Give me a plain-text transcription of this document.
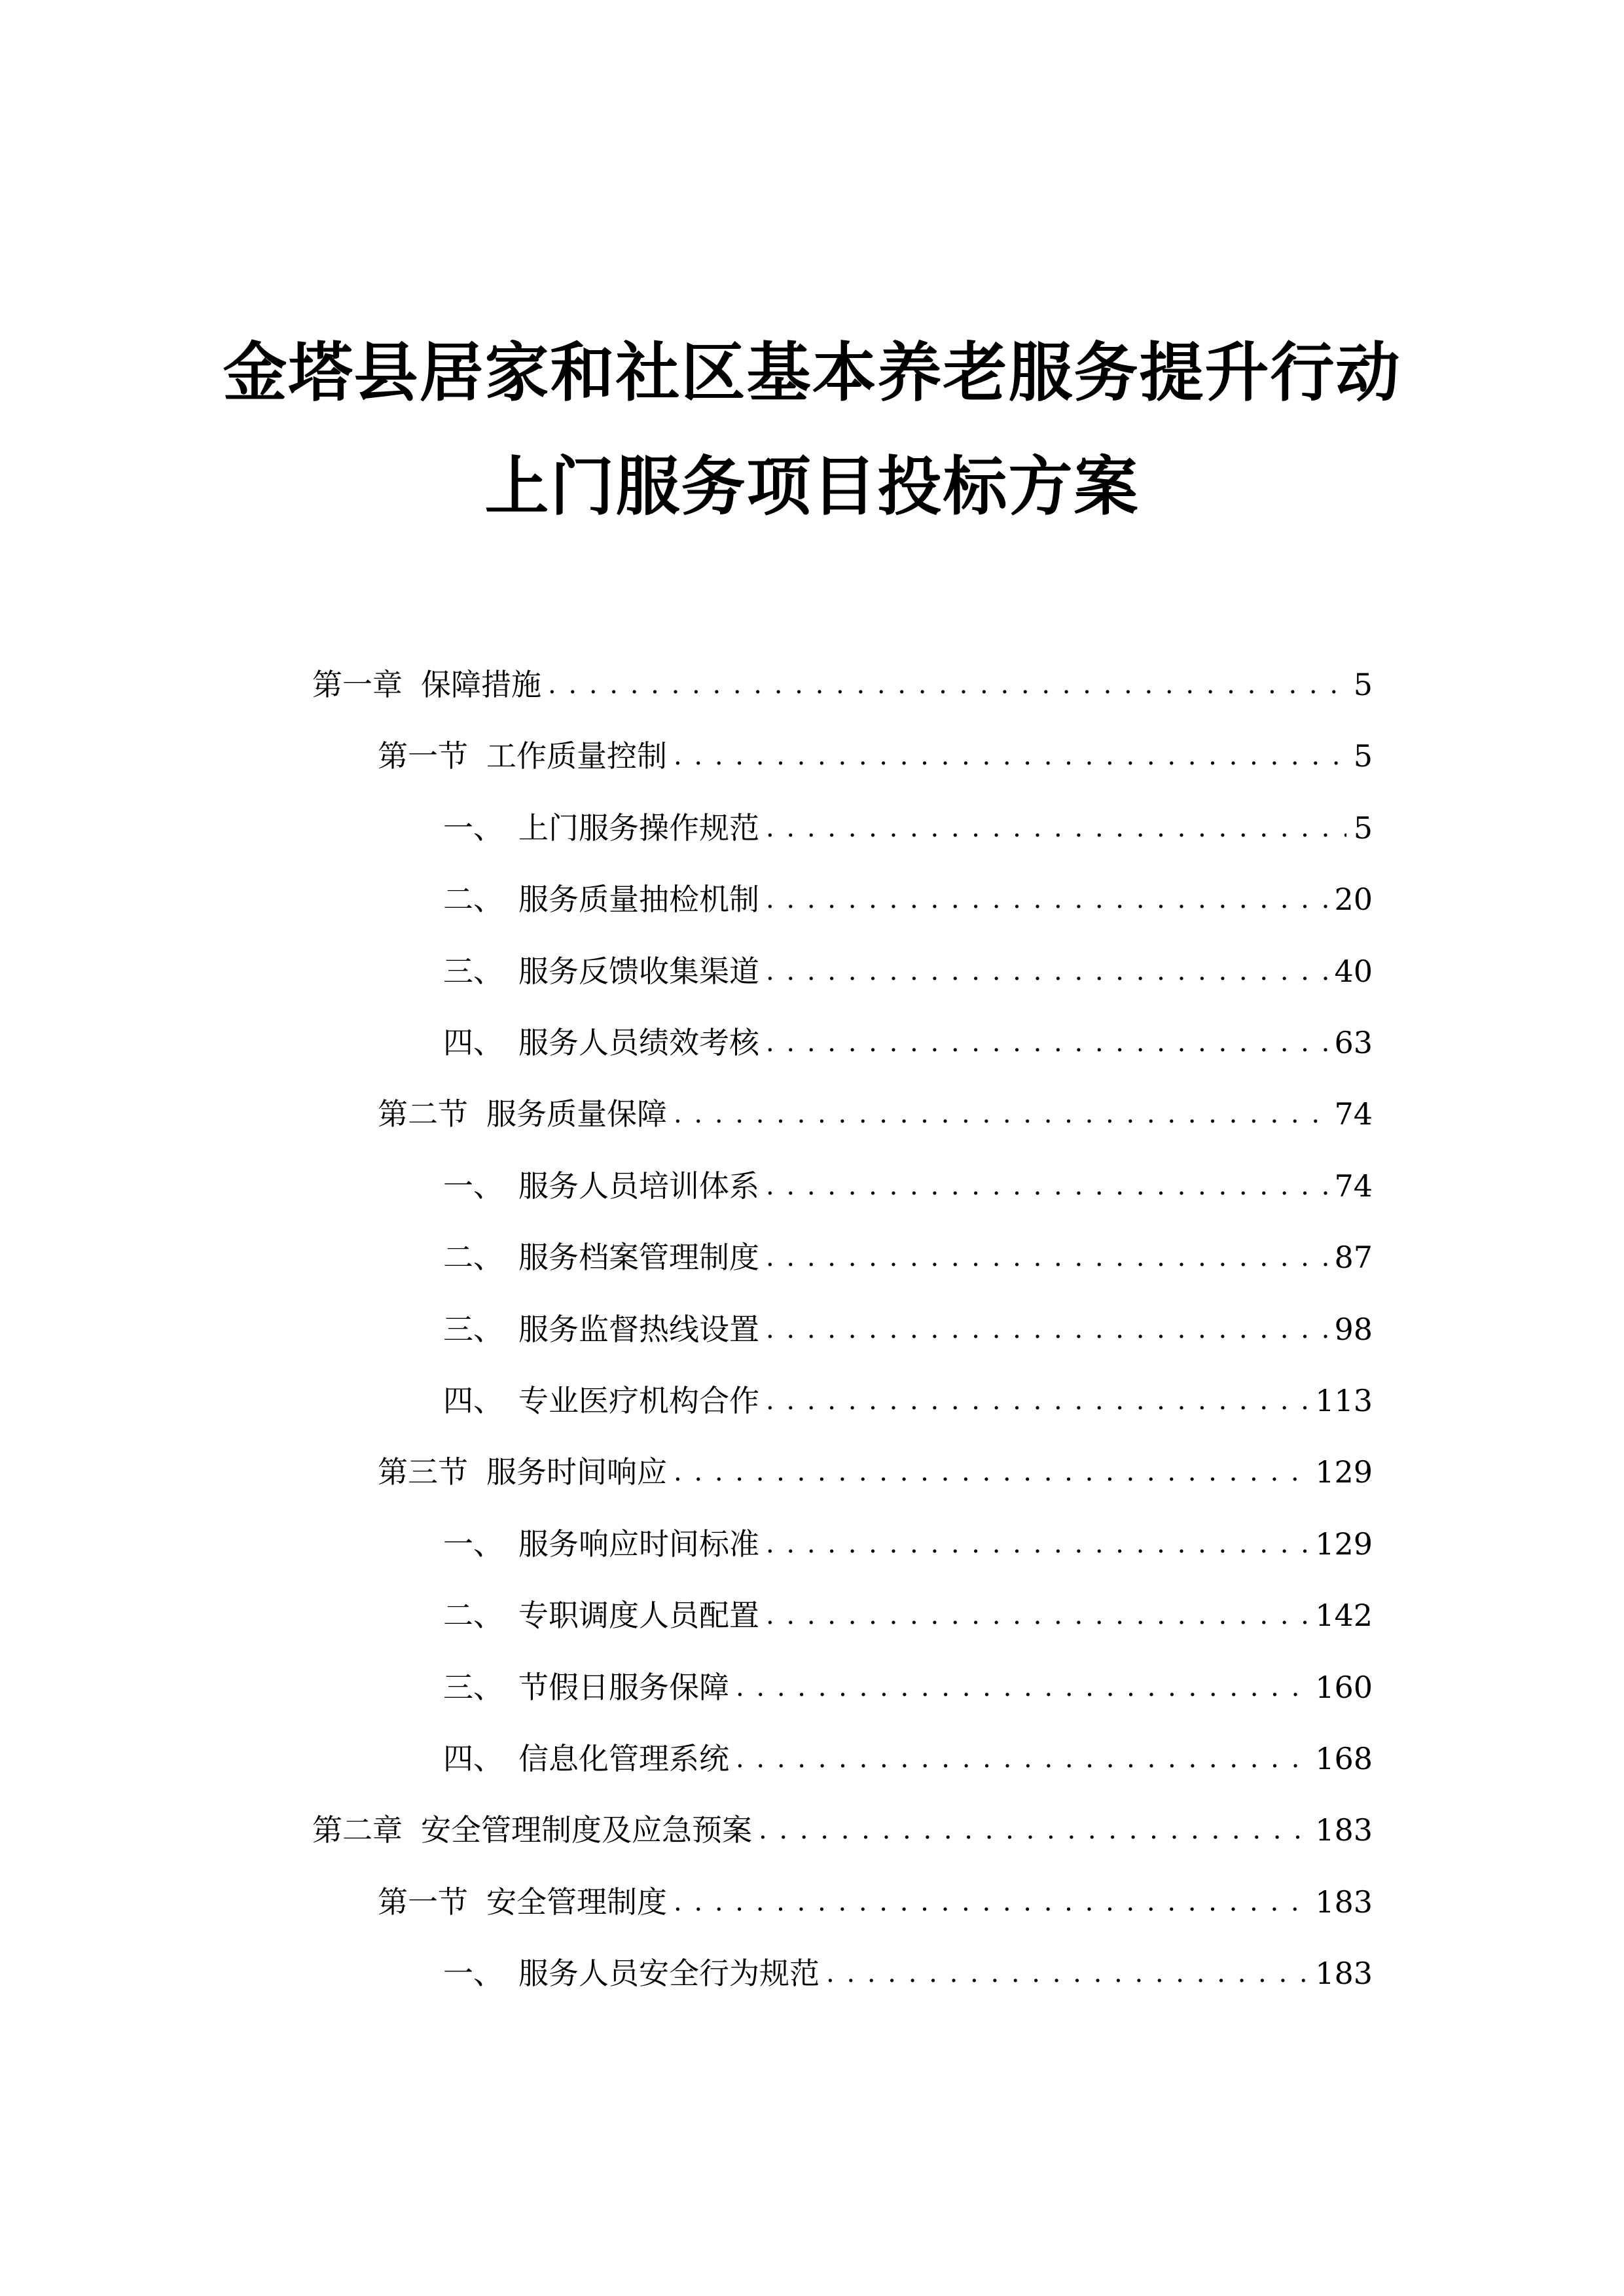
金塔县居家和社区基本养老服务提升行动
上门服务项目投标方案
第一章 保障措施 . . .	5
第一节 工作质量控制 . . .	5
一、 上门服务操作规范 . . .	5
二、 服务质量抽检机制 . . .	20
三、 服务反馈收集渠道 . . .	40
四、 服务人员绩效考核 . . .	63
第二节 服务质量保障 . . .	74
一、 服务人员培训体系 . . .	74
二、 服务档案管理制度 . . .	87
三、 服务监督热线设置 . . .	98
四、 专业医疗机构合作 . . .	113
第三节 服务时间响应 . . .	129
一、 服务响应时间标准 . . .	129
二、 专职调度人员配置 . . .	142
三、 节假日服务保障 . . .	160
四、 信息化管理系统 . . .	168
第二章 安全管理制度及应急预案 . . .	183
第一节 安全管理制度 . . .	183
一、 服务人员安全行为规范 . . .	183
